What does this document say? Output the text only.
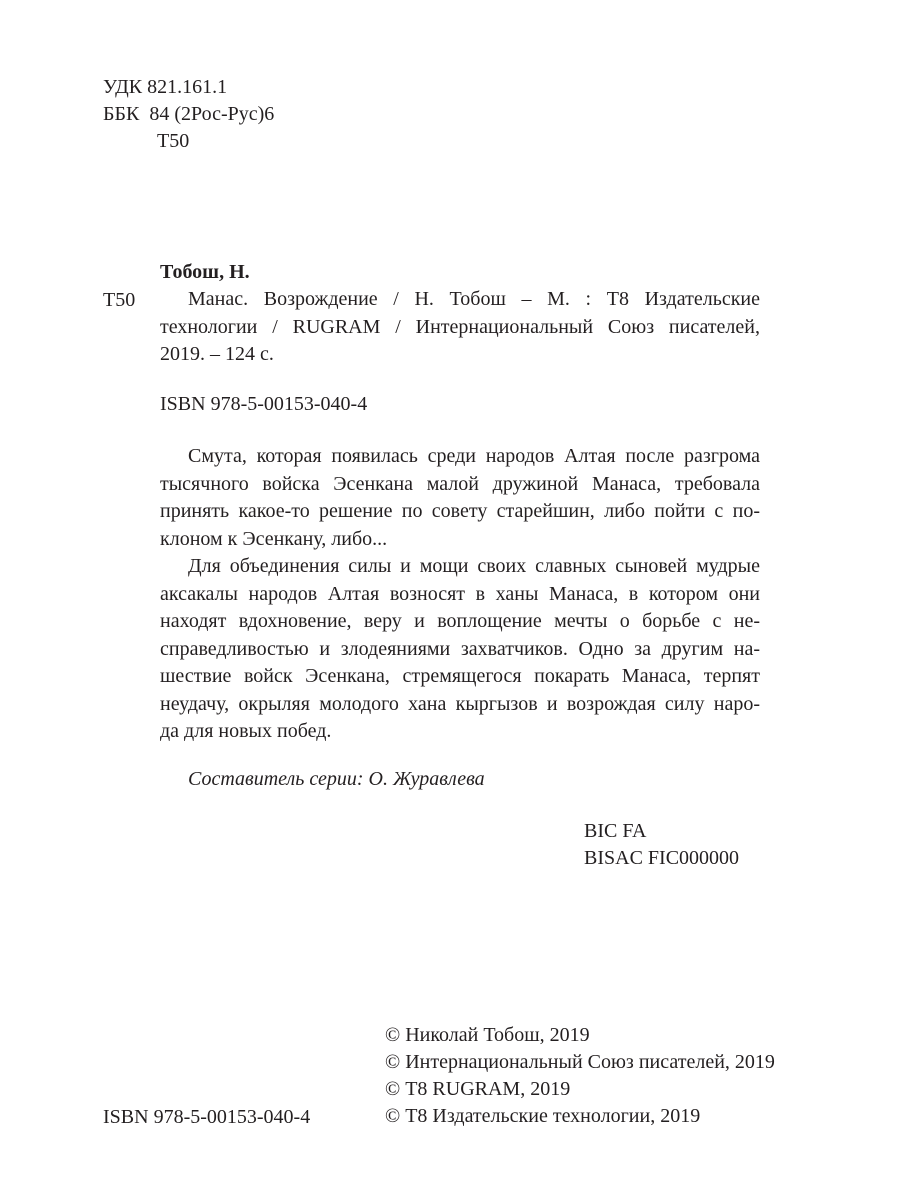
УДК 821.161.1
ББК 84 (2Рос-Рус)6
Т50
Тобош, Н.
Т50	Манас. Возрождение / Н. Тобош – М. : Т8 Издательские
технологии / RUGRAM / Интернациональный Союз писателей,
2019. – 124 с.
ISBN 978-5-00153-040-4
Смута, которая появилась среди народов Алтая после разгрома
тысячного войска Эсенкана малой дружиной Манаса, требовала
принять какое-то решение по совету старейшин, либо пойти с по-
клоном к Эсенкану, либо...
Для объединения силы и мощи своих славных сыновей мудрые
аксакалы народов Алтая возносят в ханы Манаса, в котором они
находят вдохновение, веру и воплощение мечты о борьбе с не-
справедливостью и злодеяниями захватчиков. Одно за другим на-
шествие войск Эсенкана, стремящегося покарать Манаса, терпят
неудачу, окрыляя молодого хана кыргызов и возрождая силу наро-
да для новых побед.
Составитель серии: О. Журавлева
BIC FA
BISAC FIC000000
ISBN 978-5-00153-040-4
© Николай Тобош, 2019
© Интернациональный Союз писателей, 2019
© Т8 RUGRAM, 2019
© Т8 Издательские технологии, 2019
